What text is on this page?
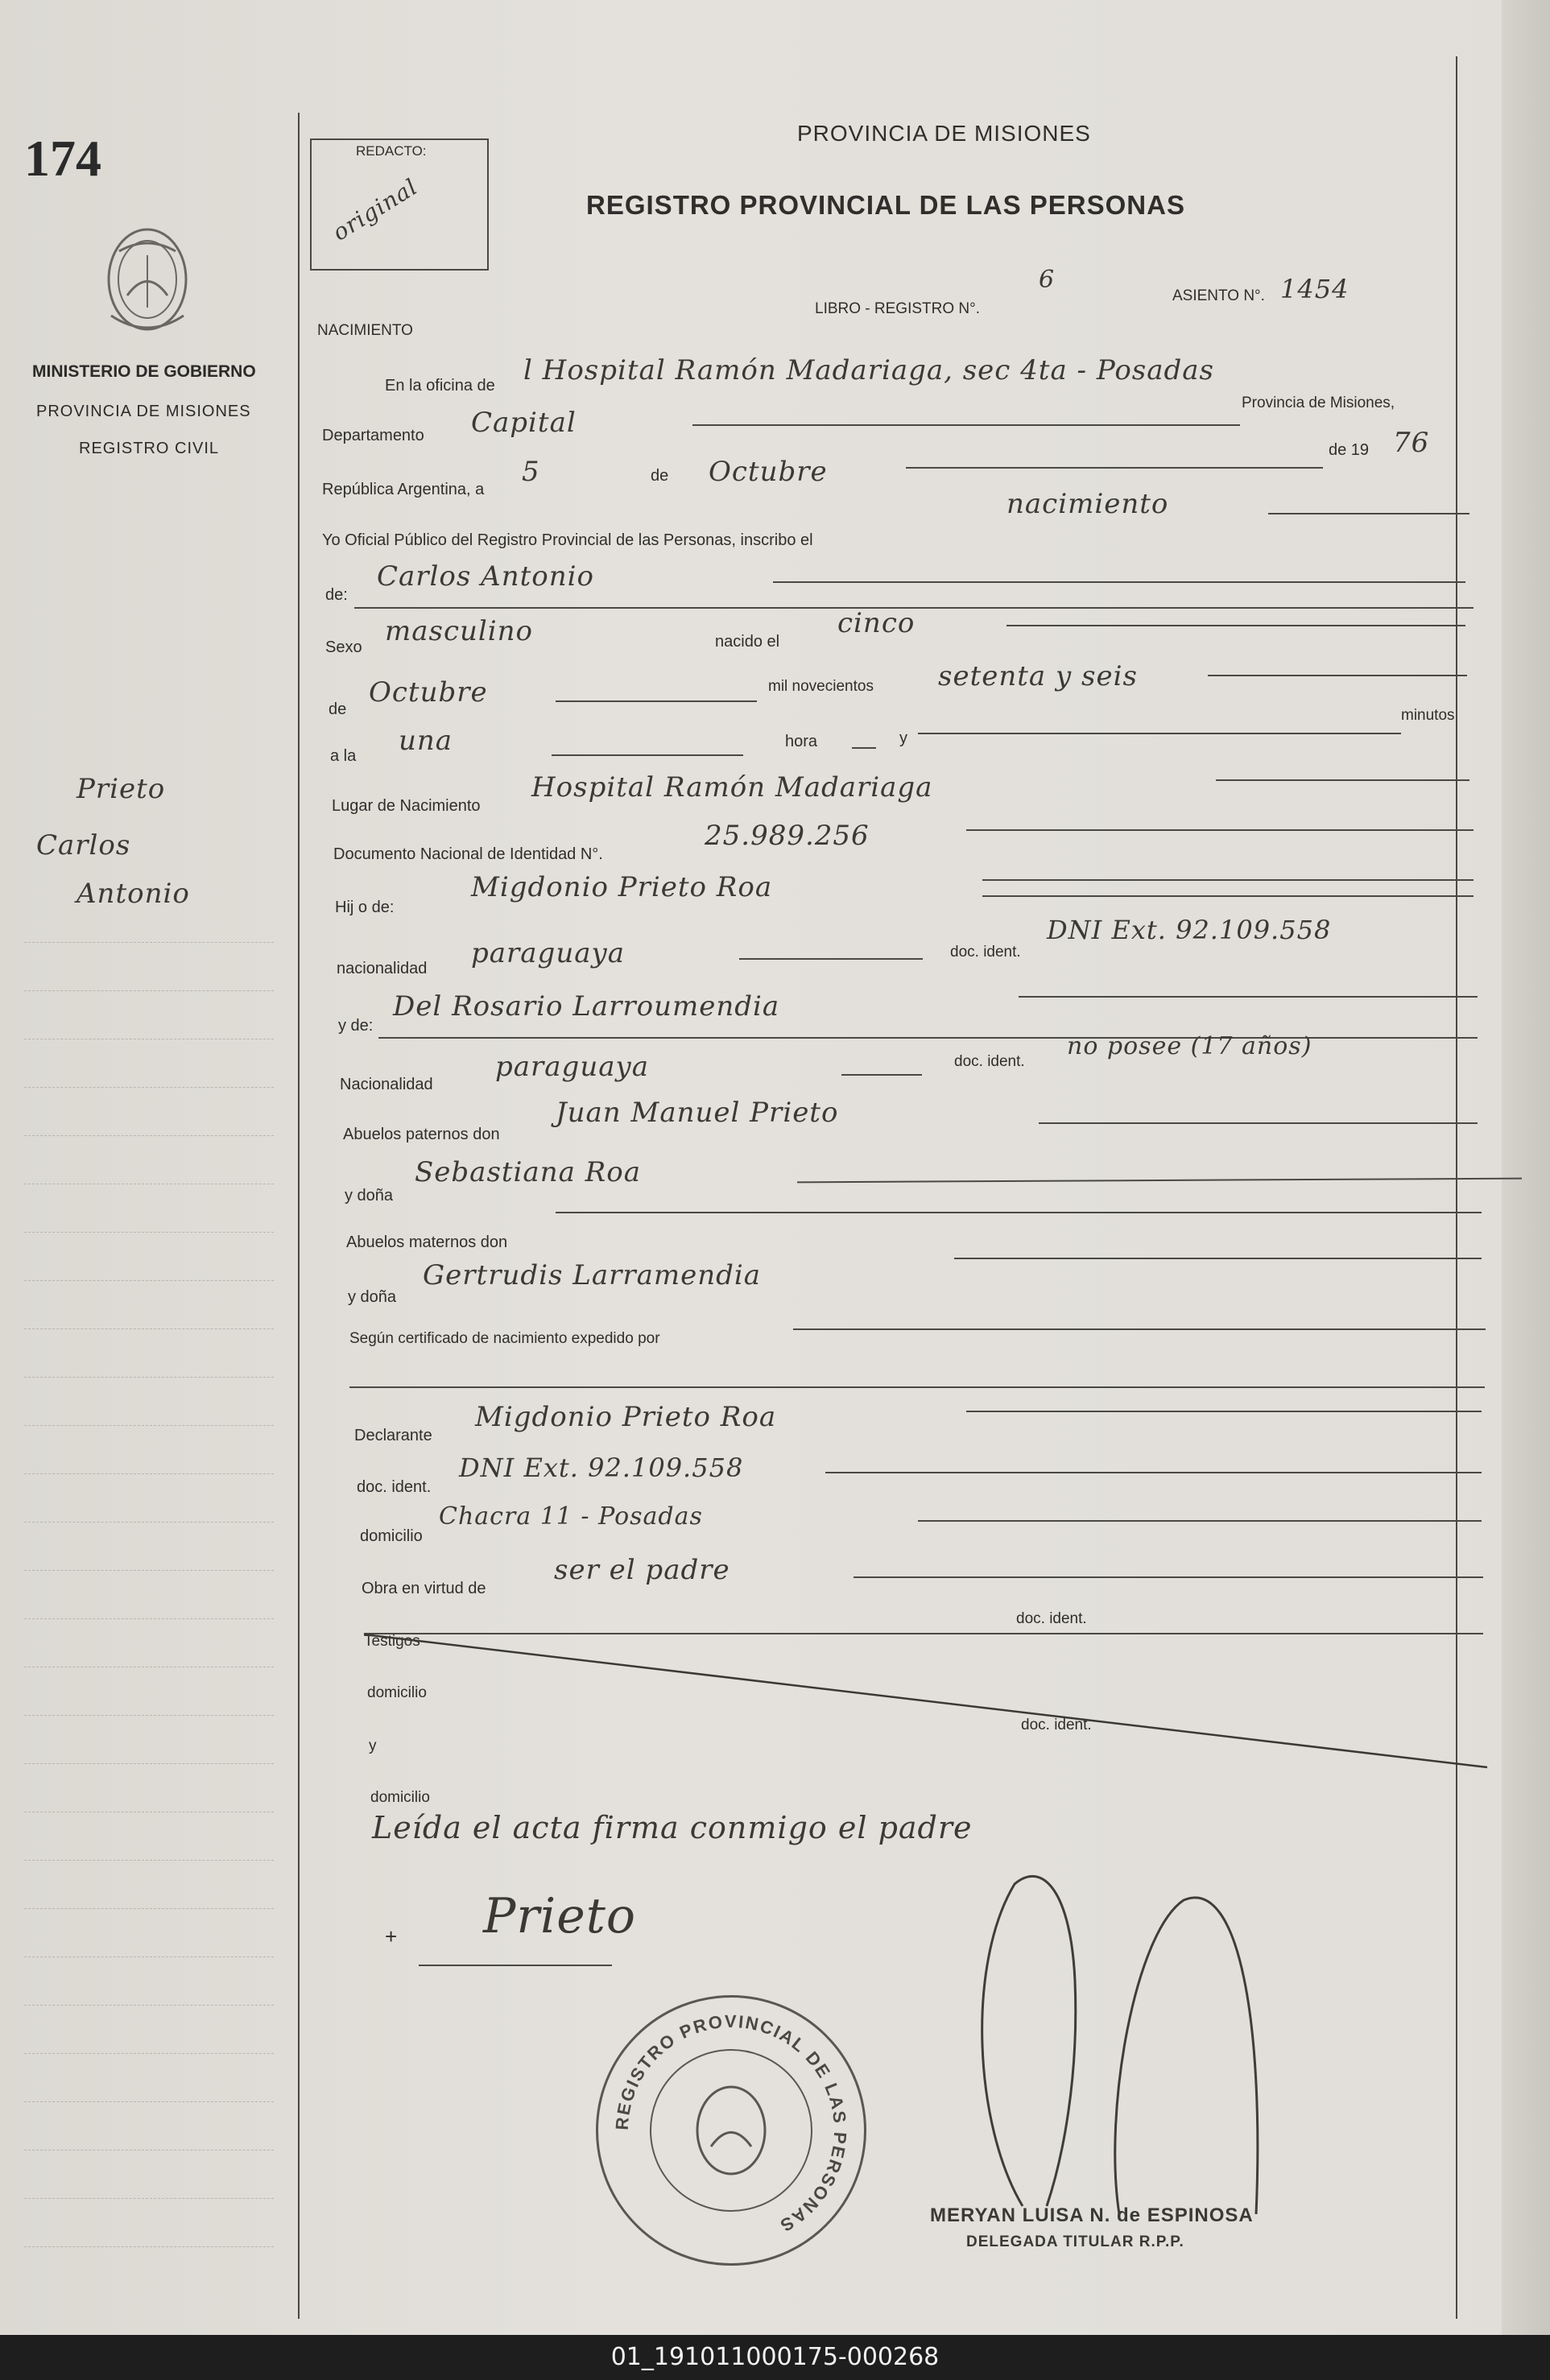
174
MINISTERIO DE GOBIERNO
PROVINCIA DE MISIONES
REGISTRO CIVIL
Prieto
Carlos
Antonio
REDACTO:
original
PROVINCIA DE MISIONES
REGISTRO PROVINCIAL DE LAS PERSONAS
LIBRO - REGISTRO N°.
6
ASIENTO N°. 1454
NACIMIENTO
En la oficina de l Hospital Ramón Madariaga, sec 4ta - Posadas
Departamento Capital
Provincia de Misiones,
República Argentina, a
5	de Octubre
de 19 76
Yo Oficial Público del Registro Provincial de las Personas, inscribo el
nacimiento
de:
Carlos Antonio
Sexo masculino	nacido el
cinco
de
Octubre	mil novecientos setenta y seis
a la una	hora	y
minutos
Lugar de Nacimiento
Hospital Ramón Madariaga
Documento Nacional de Identidad N°.
25.989.256
Hij o de:
Migdonio Prieto Roa
nacionalidad paraguaya	doc. ident.
DNI Ext. 92.109.558
y de:
Del Rosario Larroumendia
Nacionalidad
paraguaya	doc. ident.
no posee (17 años)
Abuelos paternos don
Juan Manuel Prieto
y doña
Sebastiana Roa
Abuelos maternos don
y doña
Gertrudis Larramendia
Según certificado de nacimiento expedido por
Declarante
Migdonio Prieto Roa
doc. ident.
DNI Ext. 92.109.558
domicilio
Chacra 11 - Posadas
Obra en virtud de
ser el padre
Testigos
doc. ident.
domicilio
doc. ident.
y
domicilio
Leída el acta firma conmigo el padre
+ Prieto
REGISTRO PROVINCIAL DE LAS PERSONAS	MERYAN LUISA N. de ESPINOSA
DELEGADA TITULAR R.P.P.
01_191011000175-000268
